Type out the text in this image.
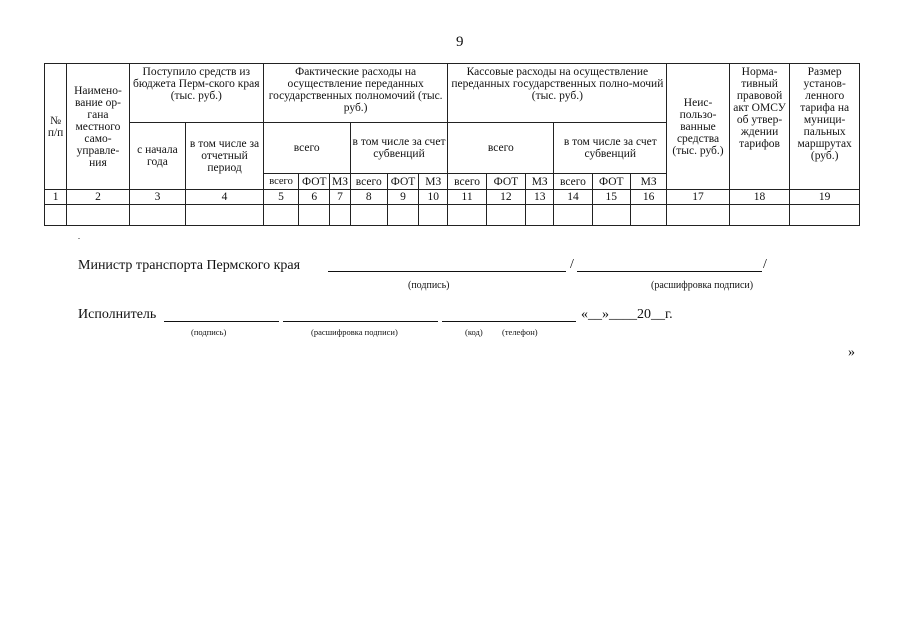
9
№ п/п	Наимено-вание ор-гана местного само-управле-ния	Поступило средств из бюджета Перм-ского края (тыс. руб.)		Фактические расходы на осуществление переданных государственных полномочий (тыс. руб.)						Кассовые расходы на осуществление переданных государственных полно-мочий (тыс. руб.)						Неис-пользо-ванные средства (тыс. руб.)	Норма-тивный правовой акт ОМСУ об утвер-ждении тарифов	Размер установ-ленного тарифа на муници-пальных маршрутах (руб.)
		с начала года	в том числе за отчетный период	всего			в том числе за счет субвенций			всего			в том числе за счет субвенций					
				всего	ФОТ	МЗ	всего	ФОТ	МЗ	всего	ФОТ	МЗ	всего	ФОТ	МЗ			
1	2	3	4	5	6	7	8	9	10	11	12	13	14	15	16	17	18	19

Министр транспорта Пермского края	/	/
(подпись)	(расшифровка подписи)
Исполнитель	«__»____20__г.
(подпись)	(расшифровка подписи)	(код) (телефон)
»
